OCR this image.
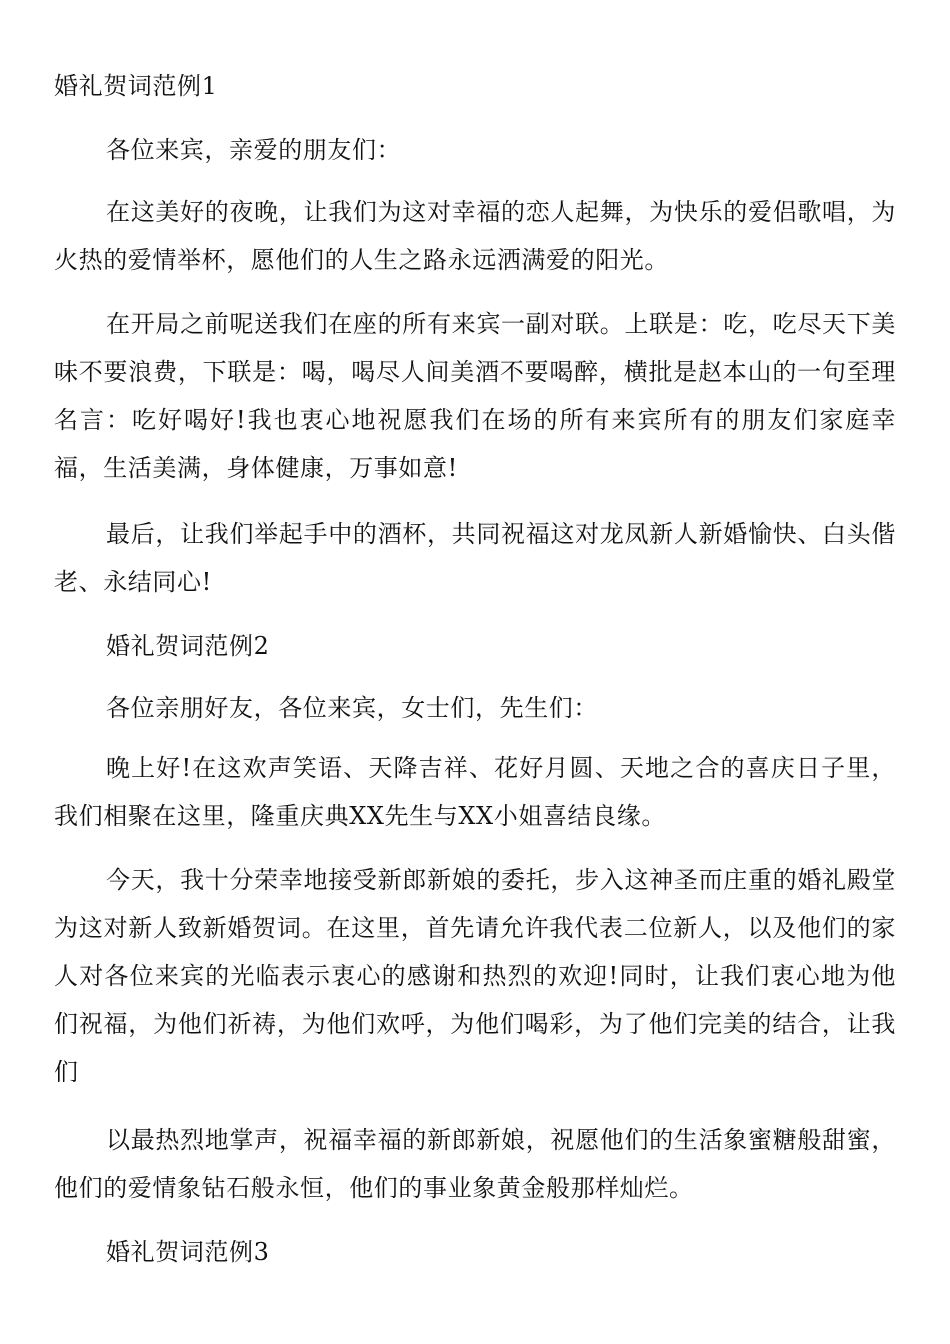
婚礼贺词范例1

各位来宾，亲爱的朋友们：

在这美好的夜晚，让我们为这对幸福的恋人起舞，为快乐的爱侣歌唱，为火热的爱情举杯，愿他们的人生之路永远洒满爱的阳光。

在开局之前呢送我们在座的所有来宾一副对联。上联是：吃，吃尽天下美味不要浪费，下联是：喝，喝尽人间美酒不要喝醉，横批是赵本山的一句至理名言：吃好喝好!我也衷心地祝愿我们在场的所有来宾所有的朋友们家庭幸福，生活美满，身体健康，万事如意!

最后，让我们举起手中的酒杯，共同祝福这对龙凤新人新婚愉快、白头偕老、永结同心!

婚礼贺词范例2

各位亲朋好友，各位来宾，女士们，先生们：

晚上好!在这欢声笑语、天降吉祥、花好月圆、天地之合的喜庆日子里，我们相聚在这里，隆重庆典XX先生与XX小姐喜结良缘。

今天，我十分荣幸地接受新郎新娘的委托，步入这神圣而庄重的婚礼殿堂为这对新人致新婚贺词。在这里，首先请允许我代表二位新人，以及他们的家人对各位来宾的光临表示衷心的感谢和热烈的欢迎!同时，让我们衷心地为他们祝福，为他们祈祷，为他们欢呼，为他们喝彩，为了他们完美的结合，让我们

以最热烈地掌声，祝福幸福的新郎新娘，祝愿他们的生活象蜜糖般甜蜜，他们的爱情象钻石般永恒，他们的事业象黄金般那样灿烂。

婚礼贺词范例3
